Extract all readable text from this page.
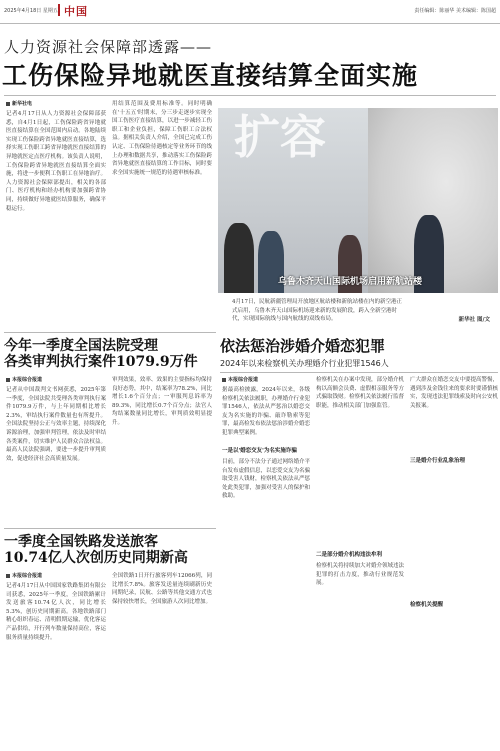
2025年4月18日 星期五 中国	责任编辑：陈丽华 美术编辑：陈国超
人力资源社会保障部透露——
工伤保险异地就医直接结算全面实施
新华社电
记者4月17日从人力资源社会保障部获悉，自4月1日起，工伤保险跨省异地就医直接结算在全国范围内启动。各地陆续实现工伤保险跨省异地就医直接结算，选择实现工伤职工跨省异地就医直接结算的异地就医定点医疗机构。该负责人说明，工伤保险跨省异地就医直接结算全面实施，将进一步便利工伤职工在异地治疗。人力资源社会保障部提出，相关的各部门、医疗机构和经办机构要加强跨省协同，持续做好异地就医结算服务，确保平稳运行。
用结算范围及费用标准等。同时明确在'十五五'时期末，分三步走逐步实现全国工伤医疗直接结算，以进一步减轻工伤职工和企业负担，保障工伤职工合法权益。据相关负责人介绍，全国已完成工伤认定、工伤保险待遇核定等业务环节的线上办理和数据共享，推动落实工伤保险跨省异地就医直接结算的工作目标，同时要求全国实施统一规范的待遇审核标准。
扩容
乌鲁木齐天山国际机场启用新航站楼
4月17日，民航新疆管理局开放地区航站楼和新航站楼在内的新空港正式启用，乌鲁木齐天山国际机场迎来新的发展阶段，跨入全新空港时代，实现国际航线与国内航线的双线布局。	新华社 图/文
今年一季度全国法院受理
各类审判执行案件1079.9万件
本报综合报道
记者从中国裁判文书网获悉，2025年第一季度，全国法院共受理各类审判执行案件1079.9万件，与上年同期相比增长2.3%，审结执行案件数量也有所提升。全国法院坚持公正与效率主题，持续深化诉源治理，加强审判管理，依法及时审结各类案件，切实维护人民群众合法权益。最高人民法院强调，要进一步提升审判质效，促进经济社会高质量发展。
审判效果，效率、效果的主要指标均保持良好态势，其中，结案率为78.2%，同比增长1.6个百分点；一审服判息诉率为89.3%，同比增长0.7个百分点；法官人均结案数量同比增长，审判质效明显提升。
一季度全国铁路发送旅客
10.74亿人次创历史同期新高
本报综合报道
记者4月17日从中国国家铁路集团有限公司获悉，2025年一季度，全国铁路累计发送旅客10.74亿人次，同比增长5.3%，创历史同期新高。各地铁路部门精心组织春运、清明假期运输，优化客运产品供给，开行列车数量保持高位，客运服务质量持续提升。
全国铁路1日开行旅客列车12066列，同比增长7.8%。旅客发送量连续刷新历史同期纪录，民航、公路等其他交通方式也保持较快增长，全国旅游人次同比增加。
依法惩治涉婚介婚恋犯罪
2024年以来检察机关办理婚介行业犯罪1546人
本报综合报道
据最高检披露，2024年以来，各级检察机关依法履职，办理婚介行业犯罪1546人，依法从严惩治以婚恋交友为名实施的诈骗、敲诈勒索等犯罪，最高检发布依法惩治涉婚介婚恋犯罪典型案例。
一是以'婚恋交友'为名实施诈骗
目前，部分不法分子通过网络婚介平台发布虚假信息，以恋爱交友为名骗取受害人钱财，检察机关依法从严惩处此类犯罪，加强对受害人的保护和救助。
检察机关在办案中发现，部分婚介机构以高额会员费、虚假相亲服务等方式骗取钱财。检察机关依法履行监督职能，推动相关部门加强监管。
二是部分婚介机构违法牟利
检察机关将持续加大对婚介领域违法犯罪的打击力度，推动行业规范发展。
三是婚介行业乱象治理
广大群众在婚恋交友中要提高警惕，遇到涉及金钱往来的要求时要谨慎核实，发现违法犯罪线索及时向公安机关报案。
检察机关提醒
